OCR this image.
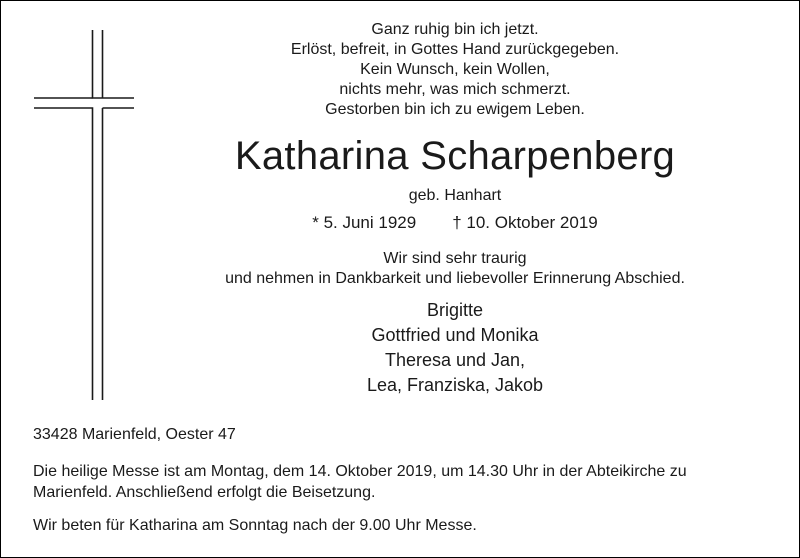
Ganz ruhig bin ich jetzt.
Erlöst, befreit, in Gottes Hand zurückgegeben.
Kein Wunsch, kein Wollen,
nichts mehr, was mich schmerzt.
Gestorben bin ich zu ewigem Leben.
Katharina Scharpenberg
geb. Hanhart
* 5. Juni 1929 † 10. Oktober 2019
Wir sind sehr traurig
und nehmen in Dankbarkeit und liebevoller Erinnerung Abschied.
Brigitte
Gottfried und Monika
Theresa und Jan,
Lea, Franziska, Jakob
33428 Marienfeld, Oester 47
Die heilige Messe ist am Montag, dem 14. Oktober 2019, um 14.30 Uhr in der Abteikirche zu
Marienfeld. Anschließend erfolgt die Beisetzung.
Wir beten für Katharina am Sonntag nach der 9.00 Uhr Messe.
